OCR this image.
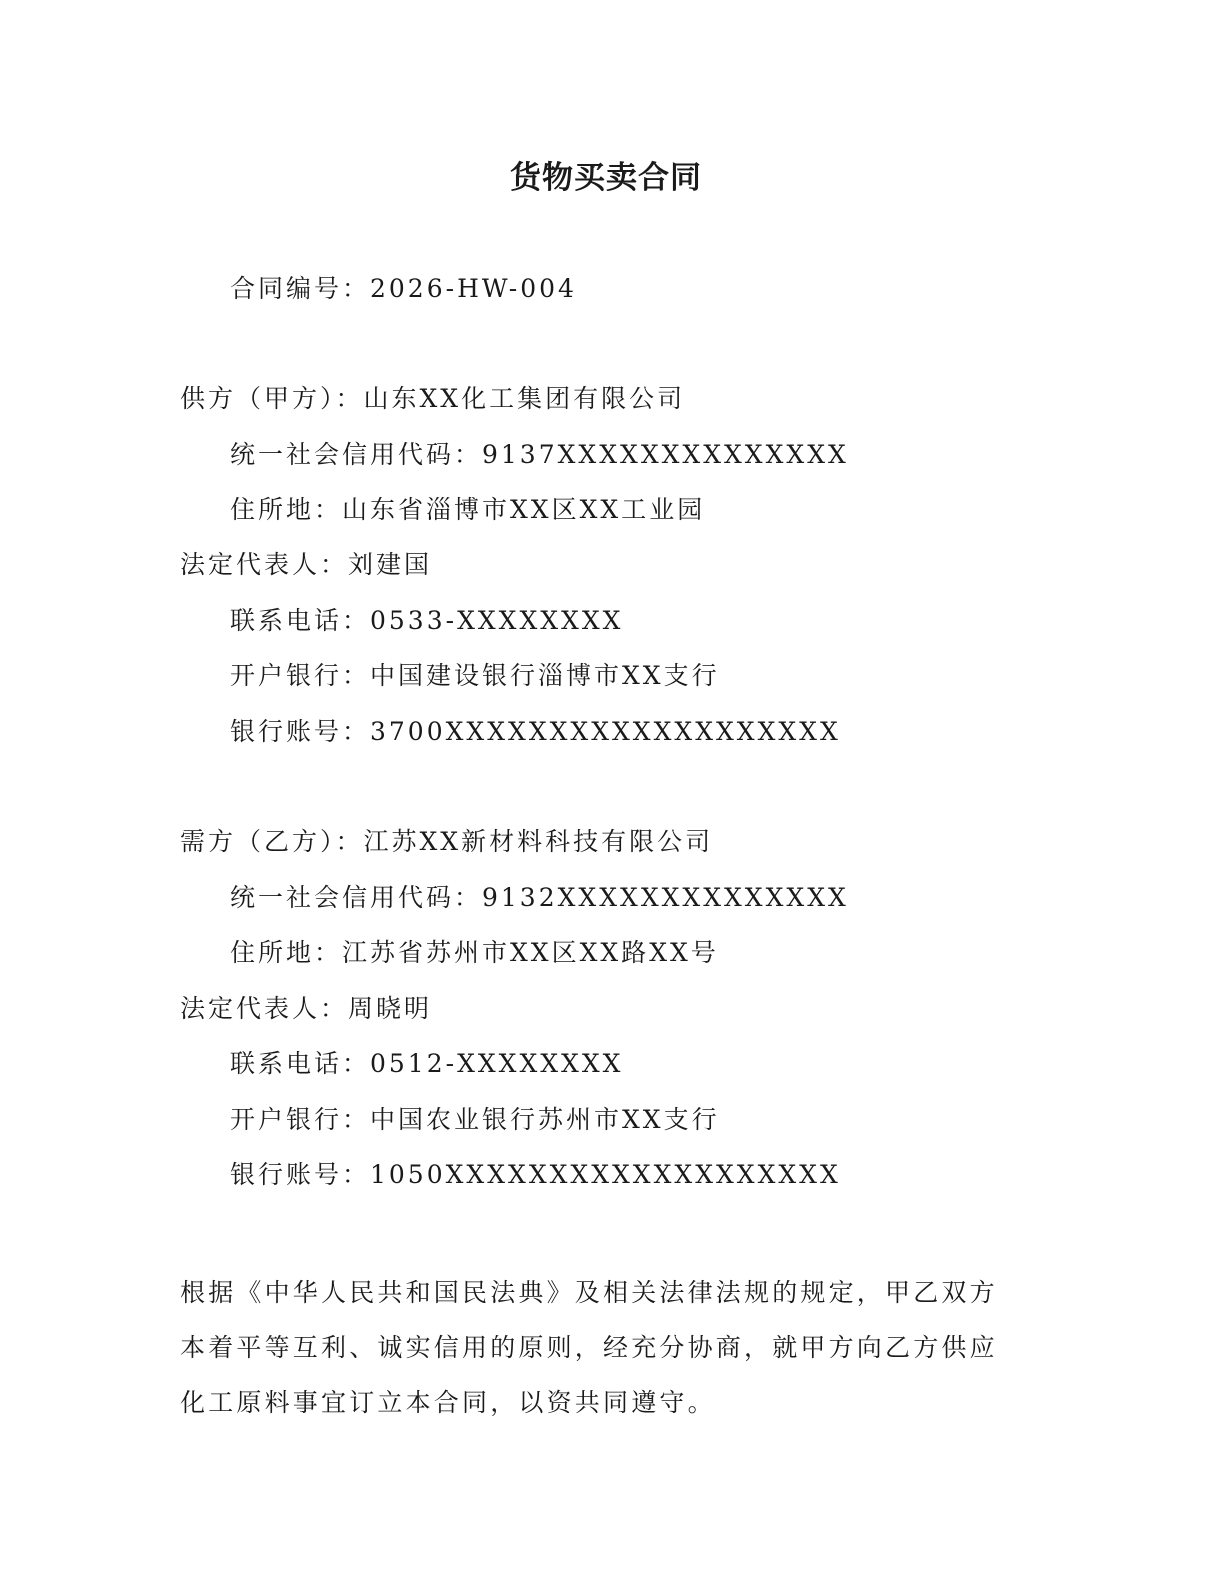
货物买卖合同
合同编号：2026-HW-004
供方（甲方）：山东XX化工集团有限公司
统一社会信用代码：9137XXXXXXXXXXXXXX
住所地：山东省淄博市XX区XX工业园
法定代表人：刘建国
联系电话：0533-XXXXXXXX
开户银行：中国建设银行淄博市XX支行
银行账号：3700XXXXXXXXXXXXXXXXXXX
需方（乙方）：江苏XX新材料科技有限公司
统一社会信用代码：9132XXXXXXXXXXXXXX
住所地：江苏省苏州市XX区XX路XX号
法定代表人：周晓明
联系电话：0512-XXXXXXXX
开户银行：中国农业银行苏州市XX支行
银行账号：1050XXXXXXXXXXXXXXXXXXX
根据《中华人民共和国民法典》及相关法律法规的规定，甲乙双方本着平等互利、诚实信用的原则，经充分协商，就甲方向乙方供应化工原料事宜订立本合同，以资共同遵守。
